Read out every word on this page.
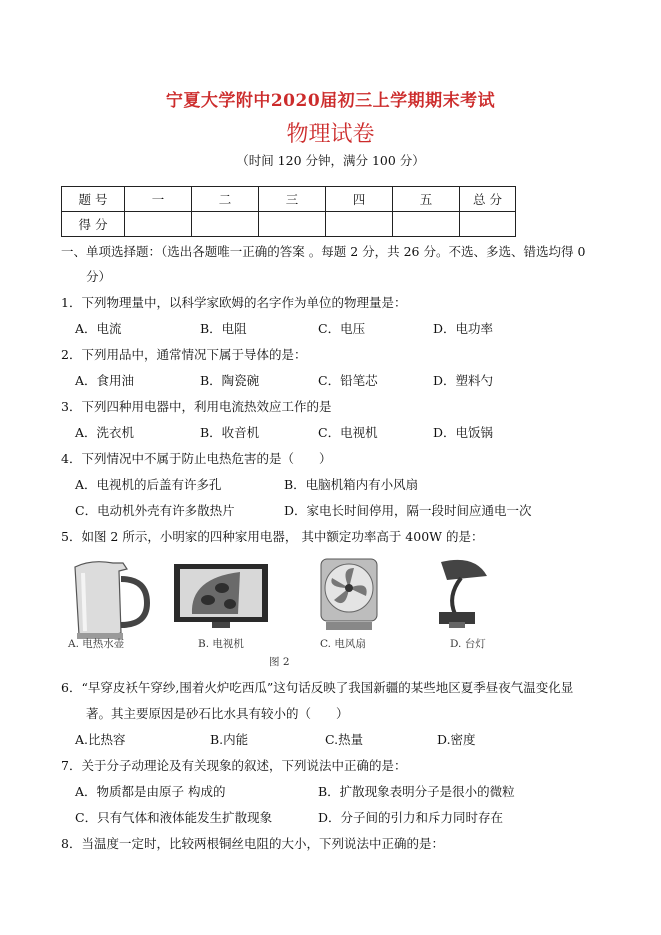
宁夏大学附中2020届初三上学期期末考试
物理试卷
（时间 120 分钟，满分 100 分）
题 号	一	二	三	四	五	总 分
得 分						
一、单项选择题：（选出各题唯一正确的答案 。每题 2 分，共 26 分。不选、多选、错选均得 0
分）
1．下列物理量中，以科学家欧姆的名字作为单位的物理量是：
A．电流	B．电阻	C．电压	D．电功率
2．下列用品中，通常情况下属于导体的是：
A．食用油	B．陶瓷碗	C．铅笔芯	D．塑料勺
3．下列四种用电器中，利用电流热效应工作的是
A．洗衣机	B．收音机	C．电视机	D．电饭锅
4．下列情况中不属于防止电热危害的是（　　）
A．电视机的后盖有许多孔	B．电脑机箱内有小风扇
C．电动机外壳有许多散热片	D．家电长时间停用，隔一段时间应通电一次
5．如图 2 所示，小明家的四种家用电器， 其中额定功率高于 400W 的是：
A. 电热水壶	B. 电视机	C. 电风扇	D. 台灯
图 2
6．“早穿皮袄午穿纱,围着火炉吃西瓜”这句话反映了我国新疆的某些地区夏季昼夜气温变化显
著。其主要原因是砂石比水具有较小的（　　）
A.比热容	B.内能	C.热量	D.密度
7．关于分子动理论及有关现象的叙述，下列说法中正确的是：
A．物质都是由原子 构成的	B．扩散现象表明分子是很小的微粒
C．只有气体和液体能发生扩散现象	D．分子间的引力和斥力同时存在
8．当温度一定时，比较两根铜丝电阻的大小，下列说法中正确的是：
